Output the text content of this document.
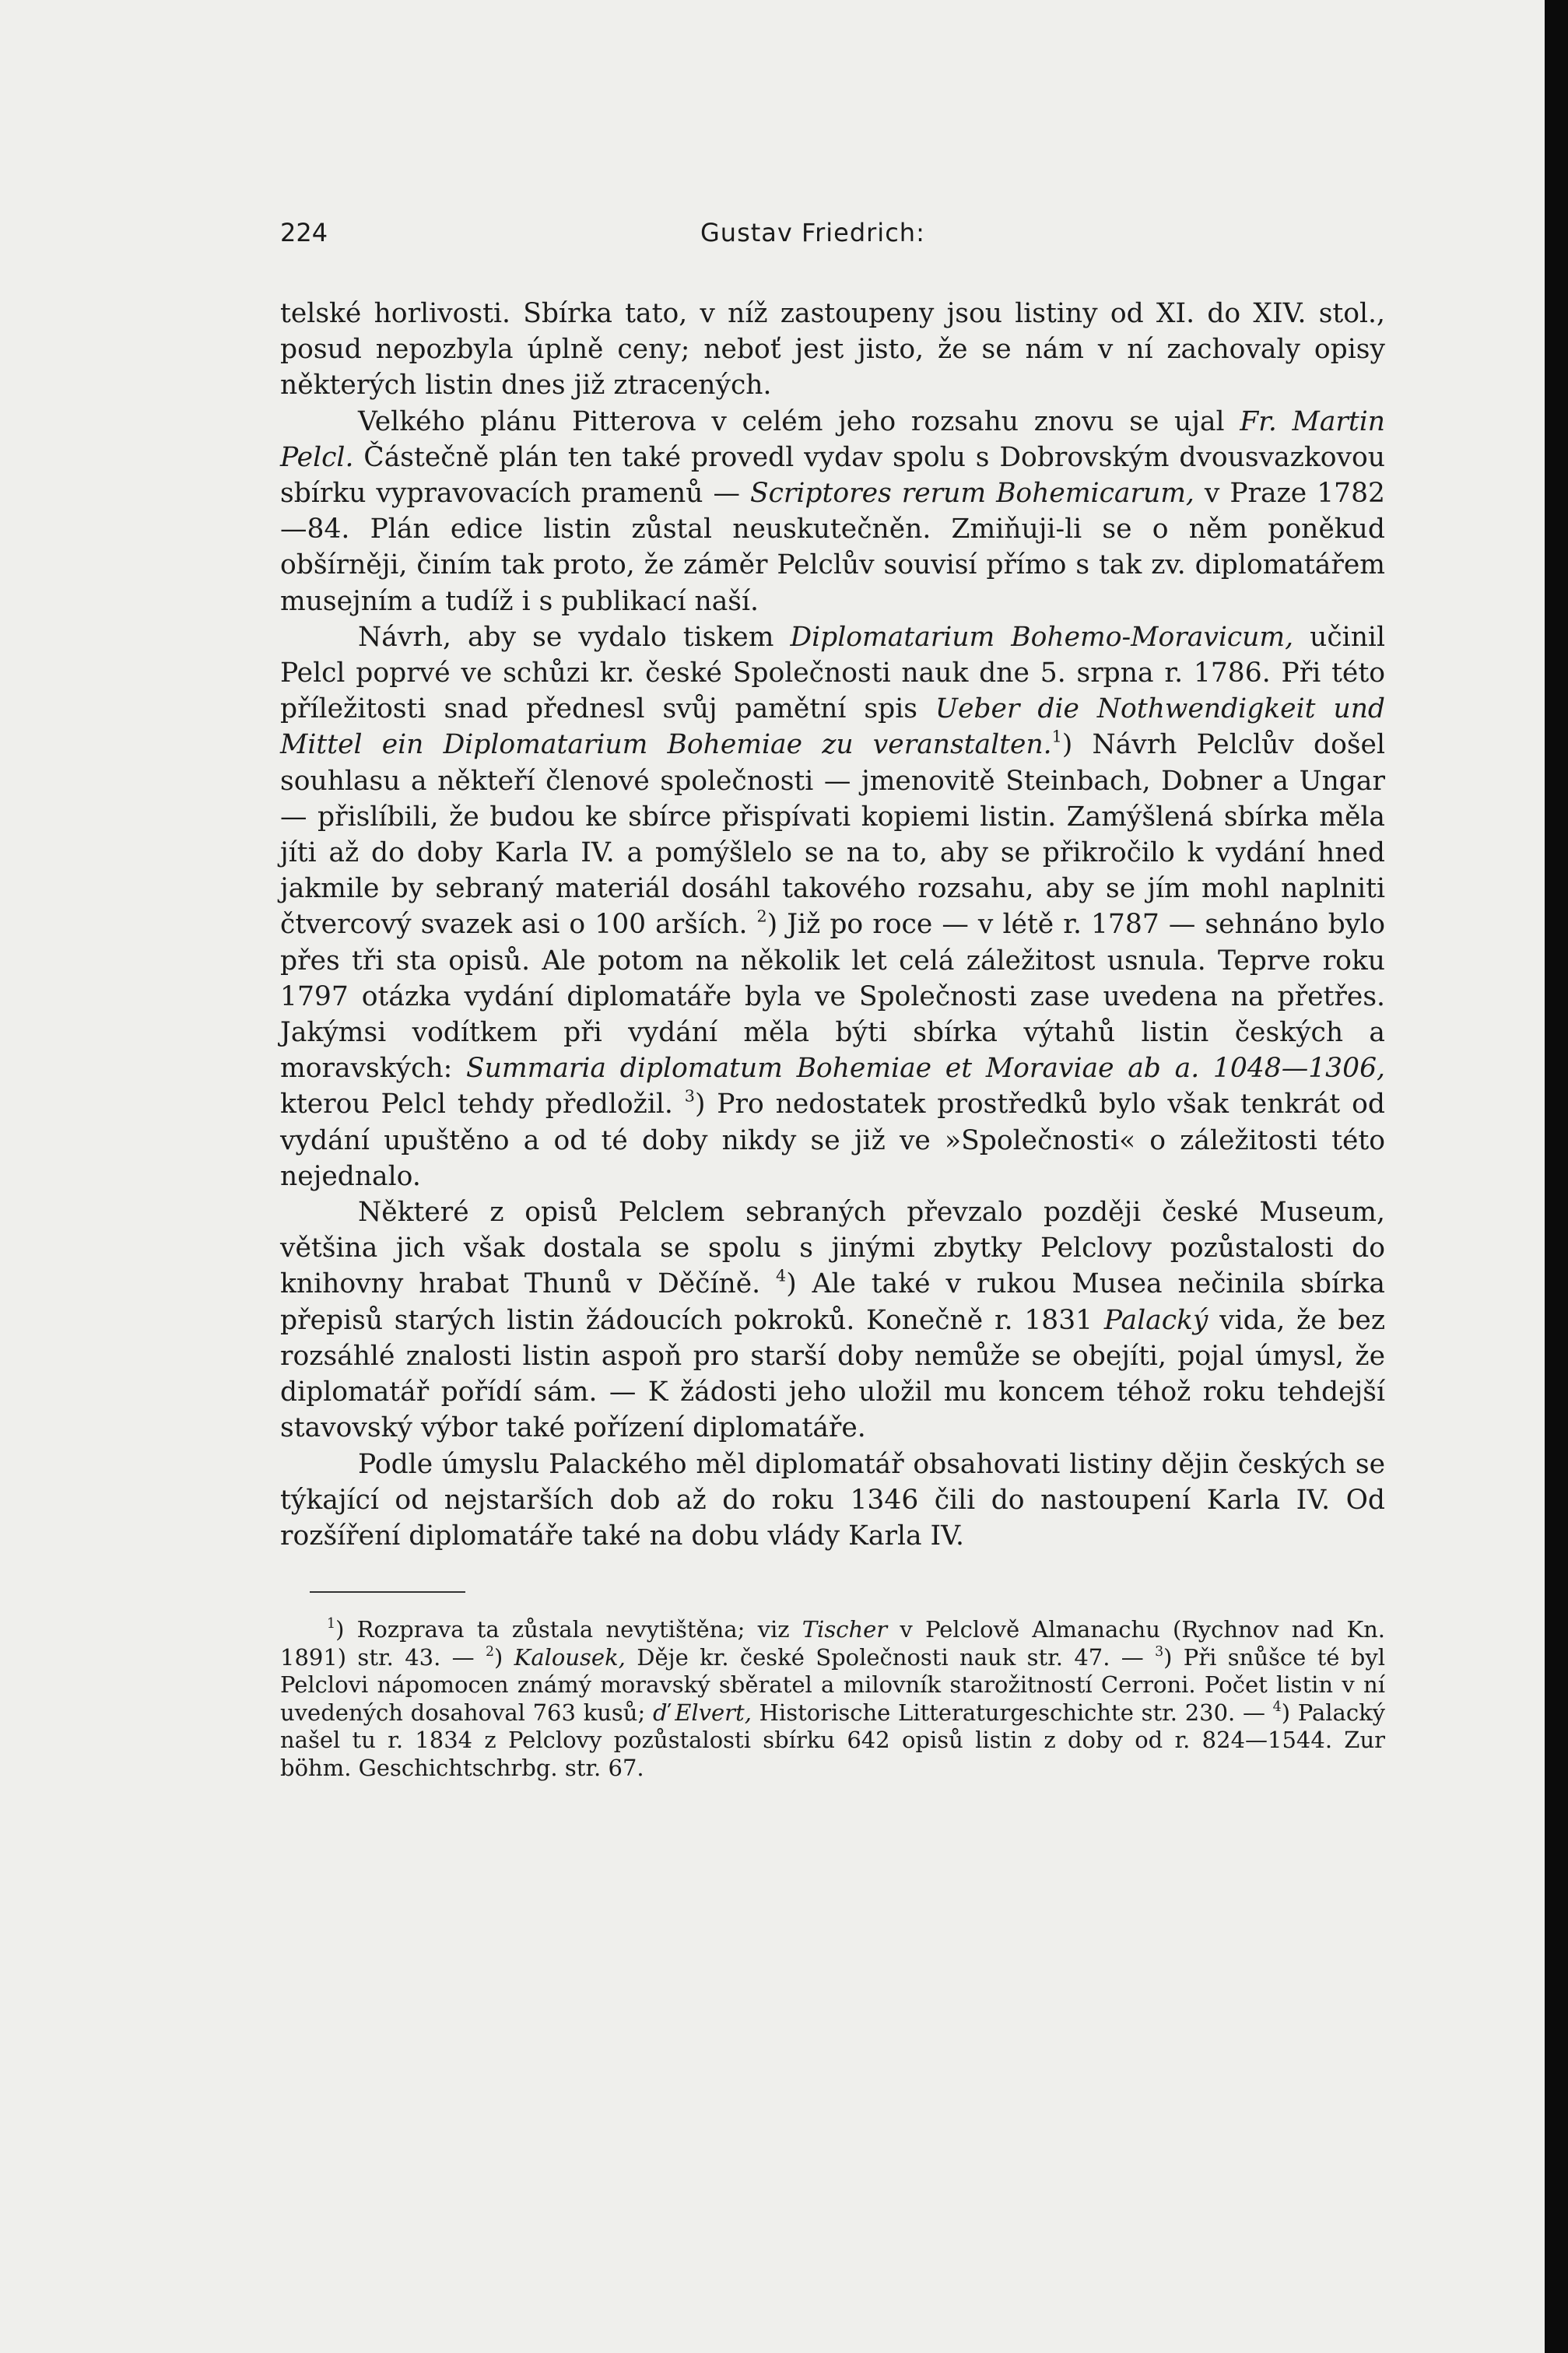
224	Gustav Friedrich:

telské horlivosti. Sbírka tato, v níž zastoupeny jsou listiny od XI. do XIV. stol., posud nepozbyla úplně ceny; neboť jest jisto, že se nám v ní zachovaly opisy některých listin dnes již ztracených.

Velkého plánu Pitterova v celém jeho rozsahu znovu se ujal Fr. Martin Pelcl. Částečně plán ten také provedl vydav spolu s Dobrovským dvousvazkovou sbírku vypravovacích pramenů — Scriptores rerum Bohemicarum, v Praze 1782—84. Plán edice listin zůstal neuskutečněn. Zmiňuji-li se o něm poněkud obšírněji, činím tak proto, že záměr Pelclův souvisí přímo s tak zv. diplomatářem musejním a tudíž i s publikací naší.

Návrh, aby se vydalo tiskem Diplomatarium Bohemo-Moravicum, učinil Pelcl poprvé ve schůzi kr. české Společnosti nauk dne 5. srpna r. 1786. Při této příležitosti snad přednesl svůj pamětní spis Ueber die Nothwendigkeit und Mittel ein Diplomatarium Bohemiae zu veranstalten.$^1$) Návrh Pelclův došel souhlasu a někteří členové společnosti — jmenovitě Steinbach, Dobner a Ungar — přislíbili, že budou ke sbírce přispívati kopiemi listin. Zamýšlená sbírka měla jíti až do doby Karla IV. a pomýšlelo se na to, aby se přikročilo k vydání hned jakmile by sebraný materiál dosáhl takového rozsahu, aby se jím mohl naplniti čtvercový svazek asi o 100 arších. $^2$) Již po roce — v létě r. 1787 — sehnáno bylo přes tři sta opisů. Ale potom na několik let celá záležitost usnula. Teprve roku 1797 otázka vydání diplomatáře byla ve Společnosti zase uvedena na přetřes. Jakýmsi vodítkem při vydání měla býti sbírka výtahů listin českých a moravských: Summaria diplomatum Bohemiae et Moraviae ab a. 1048—1306, kterou Pelcl tehdy předložil. $^3$) Pro nedostatek prostředků bylo však tenkrát od vydání upuštěno a od té doby nikdy se již ve »Společnosti« o záležitosti této nejednalo.

Některé z opisů Pelclem sebraných převzalo později české Museum, většina jich však dostala se spolu s jinými zbytky Pelclovy pozůstalosti do knihovny hrabat Thunů v Děčíně. $^4$) Ale také v rukou Musea nečinila sbírka přepisů starých listin žádoucích pokroků. Konečně r. 1831 Palacký vida, že bez rozsáhlé znalosti listin aspoň pro starší doby nemůže se obejíti, pojal úmysl, že diplomatář pořídí sám. — K žádosti jeho uložil mu koncem téhož roku tehdejší stavovský výbor také pořízení diplomatáře.

Podle úmyslu Palackého měl diplomatář obsahovati listiny dějin českých se týkající od nejstarších dob až do roku 1346 čili do nastoupení Karla IV. Od rozšíření diplomatáře také na dobu vlády Karla IV.

$^1$) Rozprava ta zůstala nevytištěna; viz Tischer v Pelclově Almanachu (Rychnov nad Kn. 1891) str. 43. — $^2$) Kalousek, Děje kr. české Společnosti nauk str. 47. — $^3$) Při snůšce té byl Pelclovi nápomocen známý moravský sběratel a milovník starožitností Cerroni. Počet listin v ní uvedených dosahoval 763 kusů; ď Elvert, Historische Litteraturgeschichte str. 230. — $^4$) Palacký našel tu r. 1834 z Pelclovy pozůstalosti sbírku 642 opisů listin z doby od r. 824—1544. Zur böhm. Geschichtschrbg. str. 67.
